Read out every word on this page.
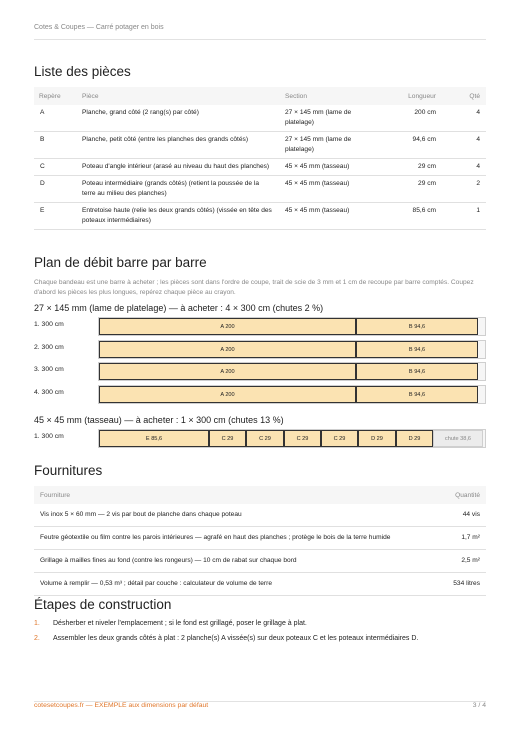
Cotes & Coupes — Carré potager en bois
Liste des pièces
Repère	Pièce	Section	Longueur	Qté
A	Planche, grand côté (2 rang(s) par côté)	27 × 145 mm (lame de platelage)	200 cm	4
B	Planche, petit côté (entre les planches des grands côtés)	27 × 145 mm (lame de platelage)	94,6 cm	4
C	Poteau d'angle intérieur (arasé au niveau du haut des planches)	45 × 45 mm (tasseau)	29 cm	4
D	Poteau intermédiaire (grands côtés) (retient la poussée de la terre au milieu des planches)	45 × 45 mm (tasseau)	29 cm	2
E	Entretoise haute (relie les deux grands côtés) (vissée en tête des poteaux intermédiaires)	45 × 45 mm (tasseau)	85,6 cm	1
Plan de débit barre par barre

Chaque bandeau est une barre à acheter ; les pièces sont dans l'ordre de coupe, trait de scie de 3 mm et 1 cm de recoupe par barre comptés. Coupez d'abord les pièces les plus longues, repérez chaque pièce au crayon.

27 × 145 mm (lame de platelage) — à acheter : 4 × 300 cm (chutes 2 %)
1. 300 cm	A 200	B 94,6
2. 300 cm	A 200	B 94,6
3. 300 cm	A 200	B 94,6
4. 300 cm	A 200	B 94,6
45 × 45 mm (tasseau) — à acheter : 1 × 300 cm (chutes 13 %)
1. 300 cm	E 85,6	C 29	C 29	C 29	C 29	D 29	D 29	chute 38,6
Fournitures
Fourniture	Quantité
Vis inox 5 × 60 mm — 2 vis par bout de planche dans chaque poteau	44 vis
Feutre géotextile ou film contre les parois intérieures — agrafé en haut des planches ; protège le bois de la terre humide	1,7 m²
Grillage à mailles fines au fond (contre les rongeurs) — 10 cm de rabat sur chaque bord	2,5 m²
Volume à remplir — 0,53 m³ ; détail par couche : calculateur de volume de terre	534 litres
Étapes de construction
1. Désherber et niveler l'emplacement ; si le fond est grillagé, poser le grillage à plat.
2. Assembler les deux grands côtés à plat : 2 planche(s) A vissée(s) sur deux poteaux C et les poteaux intermédiaires D.
cotesetcoupes.fr — EXEMPLE aux dimensions par défaut	3 / 4
